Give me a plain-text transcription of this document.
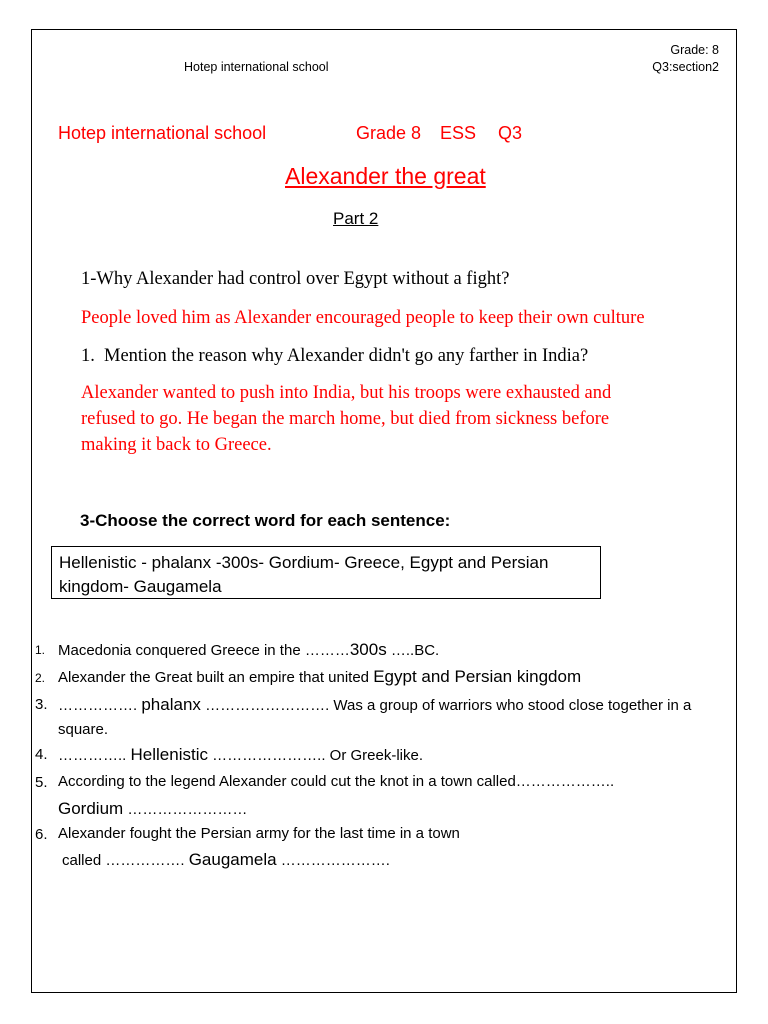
Hotep international school
Grade: 8
Q3:section2
Hotep international school	Grade 8 ESS Q3
Alexander the great
Part 2
1-Why Alexander had control over Egypt without a fight?
People loved him as Alexander encouraged people to keep their own culture
1. Mention the reason why Alexander didn't go any farther in India?
Alexander wanted to push into India, but his troops were exhausted and
refused to go. He began the march home, but died from sickness before
making it back to Greece.
3-Choose the correct word for each sentence:
Hellenistic - phalanx -300s- Gordium- Greece, Egypt and Persian
kingdom- Gaugamela
1. Macedonia conquered Greece in the ………300s …..BC.
2. Alexander the Great built an empire that united Egypt and Persian kingdom
3. ……………. phalanx ……………………. Was a group of warriors who stood close together in a
square.
4. ………….. Hellenistic ………………….. Or Greek-like.
5. According to the legend Alexander could cut the knot in a town called………………..
Gordium ……………………
6. Alexander fought the Persian army for the last time in a town
called ……………. Gaugamela ………………….
